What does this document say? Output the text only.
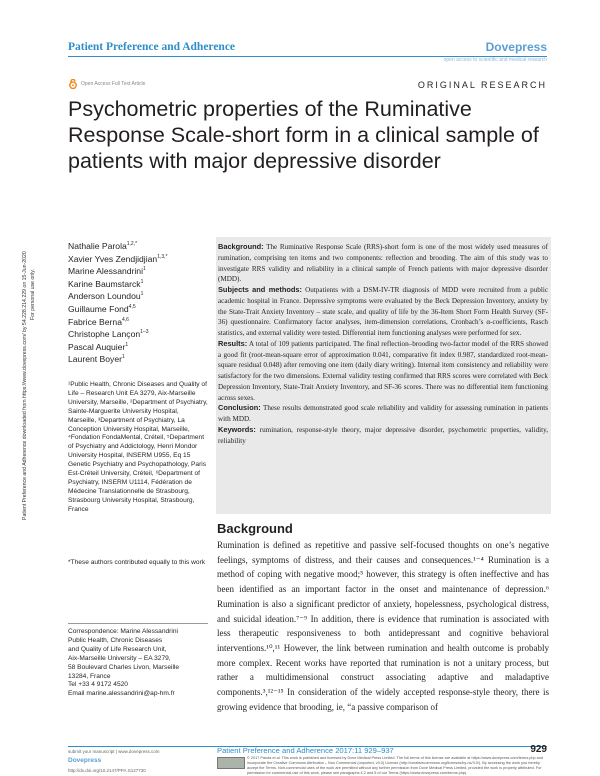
Patient Preference and Adherence	Dovepress
open access to scientific and medical research
Open Access Full Text Article	ORIGINAL RESEARCH
Psychometric properties of the Ruminative Response Scale-short form in a clinical sample of patients with major depressive disorder
Patient Preference and Adherence downloaded from https://www.dovepress.com/ by 54.228.214.229 on 15-Jun-2020 For personal use only.
Nathalie Parola$^{1,2,*}$
Xavier Yves Zendjidjian$^{1,3,*}$
Marine Alessandrini$^1$
Karine Baumstarck$^1$
Anderson Loundou$^1$
Guillaume Fond$^{4,5}$
Fabrice Berna$^{4,6}$
Christophe Lançon$^{1-3}$
Pascal Auquier$^1$
Laurent Boyer$^1$
¹Public Health, Chronic Diseases and Quality of Life – Research Unit EA 3279, Aix-Marseille University, Marseille, ²Department of Psychiatry, Sainte-Marguerite University Hospital, Marseille, ³Department of Psychiatry, La Conception University Hospital, Marseille, ⁴Fondation FondaMental, Créteil, ⁵Department of Psychiatry and Addictology, Henri Mondor University Hospital, INSERM U955, Eq 15 Genetic Psychiatry and Psychopathology, Paris Est-Créteil University, Créteil, ⁶Department of Psychiatry, INSERM U1114, Fédération de Médecine Translationnelle de Strasbourg, Strasbourg University Hospital, Strasbourg, France
*These authors contributed equally to this work
Correspondence: Marine Alessandrini
Public Health, Chronic Diseases
and Quality of Life Research Unit,
Aix-Marseille University – EA 3279,
58 Boulevard Charles Livon, Marseille
13284, France
Tel +33 4 9172 4520
Email marine.alessandrini@ap-hm.fr

Background: The Ruminative Response Scale (RRS)-short form is one of the most widely used measures of rumination, comprising ten items and two components: reflection and brooding. The aim of this study was to investigate RRS validity and reliability in a clinical sample of French patients with major depressive disorder (MDD).

Subjects and methods: Outpatients with a DSM-IV-TR diagnosis of MDD were recruited from a public academic hospital in France. Depressive symptoms were evaluated by the Beck Depression Inventory, anxiety by the State-Trait Anxiety Inventory – state scale, and quality of life by the 36-Item Short Form Health Survey (SF-36) questionnaire. Confirmatory factor analyses, item-dimension correlations, Cronbach’s α-coefficients, Rasch statistics, and external validity were tested. Differential item functioning analyses were performed for sex.

Results: A total of 109 patients participated. The final reflection–brooding two-factor model of the RRS showed a good fit (root-mean-square error of approximation 0.041, comparative fit index 0.987, standardized root-mean-square residual 0.048) after removing one item (daily diary writing). Internal item consistency and reliability were satisfactory for the two dimensions. External validity testing confirmed that RRS scores were correlated with Beck Depression Inventory, State-Trait Anxiety Inventory, and SF-36 scores. There was no differential item functioning across sexes.

Conclusion: These results demonstrated good scale reliability and validity for assessing rumination in patients with MDD.

Keywords: rumination, response-style theory, major depressive disorder, psychometric properties, validity, reliability

Background
Rumination is defined as repetitive and passive self-focused thoughts on one’s negative feelings, symptoms of distress, and their causes and consequences.¹⁻⁴ Rumination is a method of coping with negative mood;⁵ however, this strategy is often ineffective and has been identified as an important factor in the onset and maintenance of depression.⁶ Rumination is also a significant predictor of anxiety, hopelessness, psychological distress, and suicidal ideation.⁷⁻⁹ In addition, there is evidence that rumination is associated with less therapeutic responsiveness to both antidepressant and cognitive behavioral interventions.¹⁰,¹¹ However, the link between rumination and health outcome is probably more complex. Recent works have reported that rumination is not a unitary process, but rather a multidimensional construct associating adaptive and maladaptive components.³,¹²⁻¹⁵ In consideration of the widely accepted response-style theory, there is growing evidence that brooding, ie, “a passive comparison of
submit your manuscript | www.dovepress.com
Dovepress
http://dx.doi.org/10.2147/PPA.S127730
Patient Preference and Adherence 2017:11 929–937	929
© 2017 Parola et al. This work is published and licensed by Dove Medical Press Limited. The full terms of this license are available at https://www.dovepress.com/terms.php and incorporate the Creative Commons Attribution – Non Commercial (unported, v3.0) License (http://creativecommons.org/licenses/by-nc/3.0/). By accessing the work you hereby accept the Terms. Non-commercial uses of the work are permitted without any further permission from Dove Medical Press Limited, provided the work is properly attributed. For permission for commercial use of this work, please see paragraphs 4.2 and 5 of our Terms (https://www.dovepress.com/terms.php).
